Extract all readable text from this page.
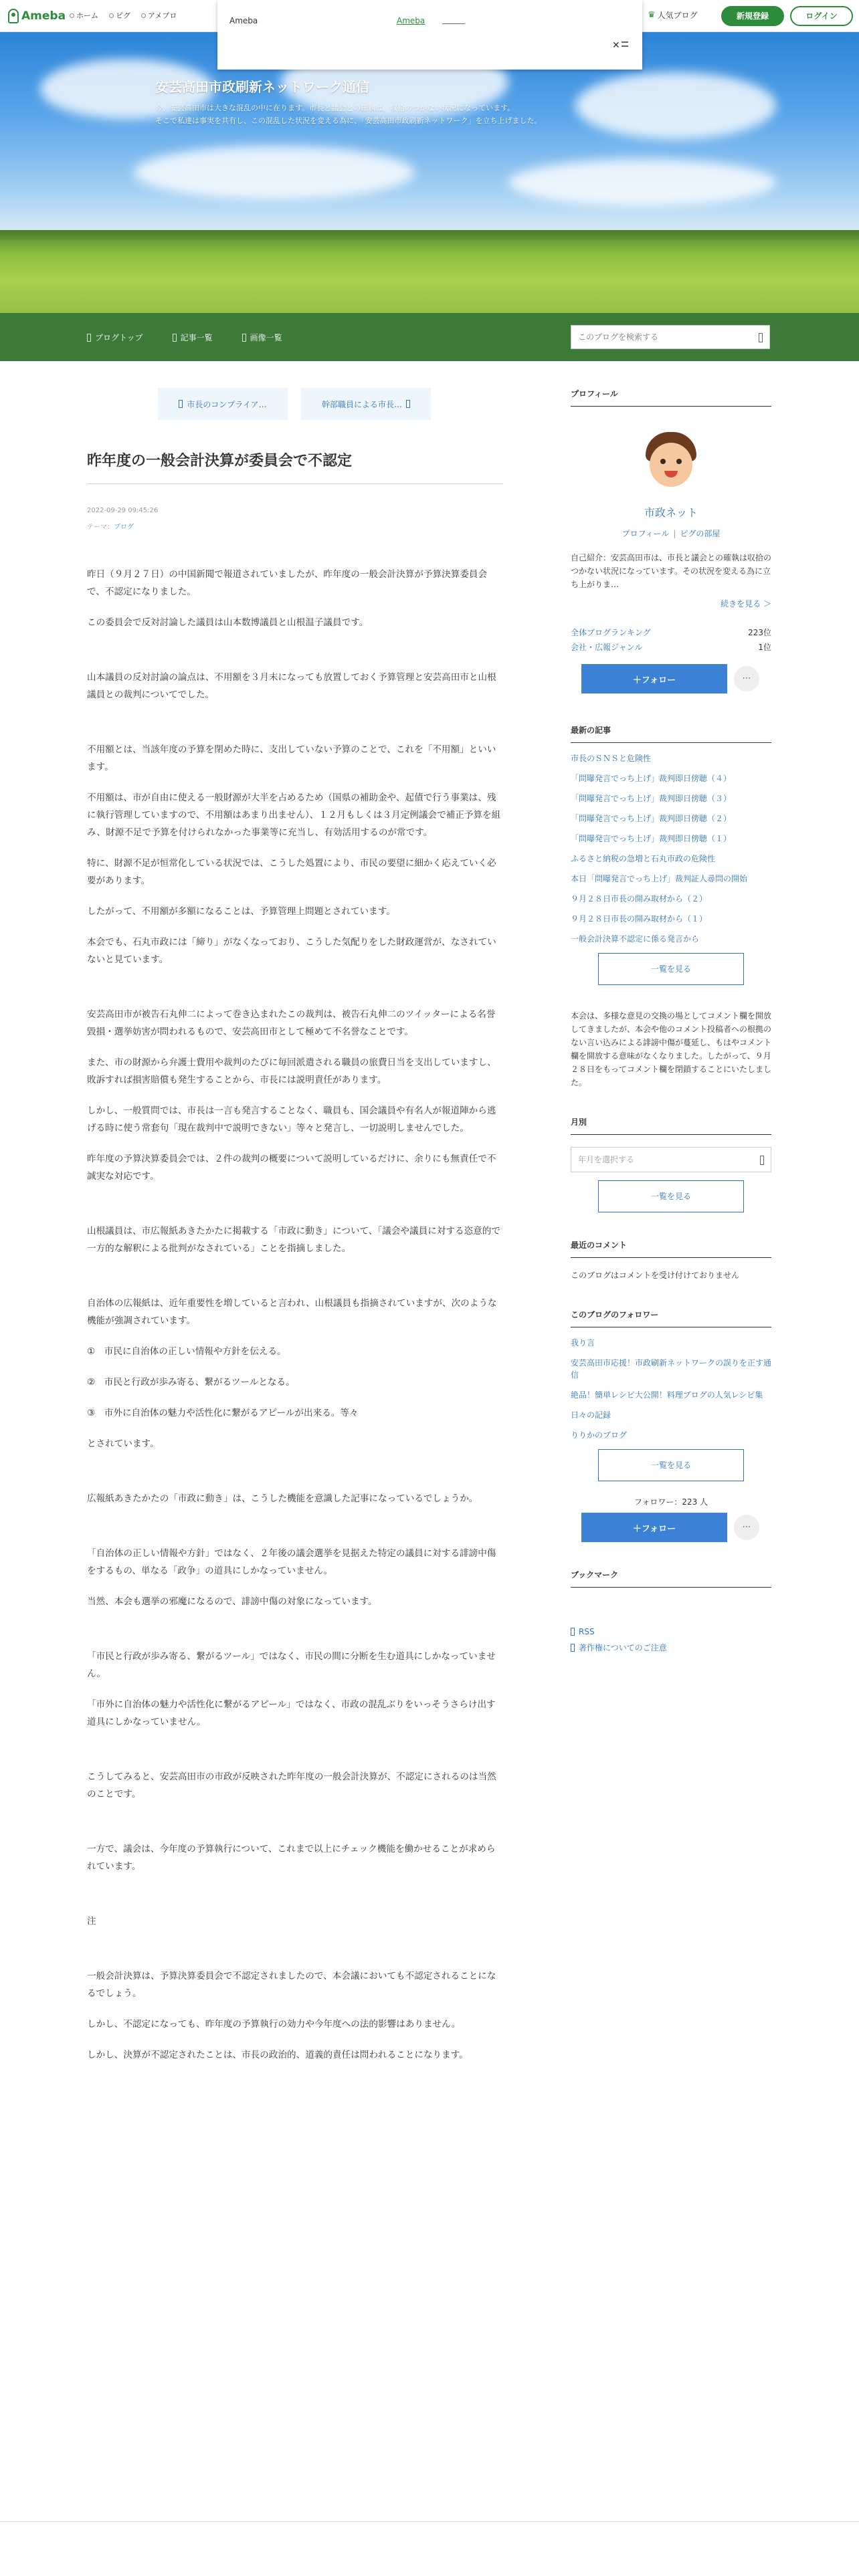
Ameba ホーム ピグ アメプロ	♛ 人気ブログ	新規登録	ログイン
Ameba	Ameba
✕
安芸高田市政刷新ネットワーク通信
今、安芸高田市は大きな混乱の中に在ります。市長と議会との確執は、収拾のつかない状況になっています。
そこで私達は事実を共有し、この混乱した状況を変える為に、「安芸高田市政刷新ネットワーク」を立ち上げました。
ブログトップ	記事一覧	画像一覧
このブログを検索する
市長のコンプライア…	幹部職員による市長…
昨年度の一般会計決算が委員会で不認定
2022-09-29 09:45:26
テーマ：ブログ

昨日（９月２７日）の中国新聞で報道されていましたが、昨年度の一般会計決算が予算決算委員会で、不認定になりました。

この委員会で反対討論した議員は山本数博議員と山根温子議員です。

山本議員の反対討論の論点は、不用額を３月末になっても放置しておく予算管理と安芸高田市と山根議員との裁判についてでした。

不用額とは、当該年度の予算を閉めた時に、支出していない予算のことで、これを「不用額」といいます。

不用額は、市が自由に使える一般財源が大半を占めるため（国県の補助金や、起債で行う事業は、残に執行管理していますので、不用額はあまり出ません）、１２月もしくは３月定例議会で補正予算を組み、財源不足で予算を付けられなかった事業等に充当し、有効活用するのが常です。

特に、財源不足が恒常化している状況では、こうした処置により、市民の要望に細かく応えていく必要があります。

したがって、不用額が多額になることは、予算管理上問題とされています。

本会でも、石丸市政には「締り」がなくなっており、こうした気配りをした財政運営が、なされていないと見ています。

安芸高田市が被告石丸伸二によって巻き込まれたこの裁判は、被告石丸伸二のツイッターによる名誉毀損・選挙妨害が問われるもので、安芸高田市として極めて不名誉なことです。

また、市の財源から弁護士費用や裁判のたびに毎回派遣される職員の旅費日当を支出していますし、敗訴すれば損害賠償も発生することから、市長には説明責任があります。

しかし、一般質問では、市長は一言も発言することなく、職員も、国会議員や有名人が報道陣から逃げる時に使う常套句「現在裁判中で説明できない」等々と発言し、一切説明しませんでした。

昨年度の予算決算委員会では、２件の裁判の概要について説明しているだけに、余りにも無責任で不誠実な対応です。

山根議員は、市広報紙あきたかたに掲載する「市政に動き」について、「議会や議員に対する恣意的で一方的な解釈による批判がなされている」ことを指摘しました。

自治体の広報紙は、近年重要性を増していると言われ、山根議員も指摘されていますが、次のような機能が強調されています。

①　市民に自治体の正しい情報や方針を伝える。

②　市民と行政が歩み寄る、繋がるツールとなる。

③　市外に自治体の魅力や活性化に繋がるアピールが出来る。等々

とされています。

広報紙あきたかたの「市政に動き」は、こうした機能を意識した記事になっているでしょうか。

「自治体の正しい情報や方針」ではなく、２年後の議会選挙を見据えた特定の議員に対する誹謗中傷をするもの、単なる「政争」の道具にしかなっていません。

当然、本会も選挙の邪魔になるので、誹謗中傷の対象になっています。

「市民と行政が歩み寄る、繋がるツール」ではなく、市民の間に分断を生む道具にしかなっていません。

「市外に自治体の魅力や活性化に繋がるアピール」ではなく、市政の混乱ぶりをいっそうさらけ出す道具にしかなっていません。

こうしてみると、安芸高田市の市政が反映された昨年度の一般会計決算が、不認定にされるのは当然のことです。

一方で、議会は、今年度の予算執行について、これまで以上にチェック機能を働かせることが求められています。

注

一般会計決算は、予算決算委員会で不認定されましたので、本会議においても不認定されることになるでしょう。

しかし、不認定になっても、昨年度の予算執行の効力や今年度への法的影響はありません。

しかし、決算が不認定されたことは、市長の政治的、道義的責任は問われることになります。

プロフィール
市政ネット
プロフィール | ピグの部屋
自己紹介：安芸高田市は、市長と議会との確執は収拾のつかない状況になっています。その状況を変える為に立ち上がりま…
続きを見る ＞
全体ブログランキング	223位
会社・広報ジャンル	1位
＋フォロー	⋯
最新の記事
市長のＳＮＳと危険性
「問曝発言でっち上げ」裁判即日傍聴（４）
「問曝発言でっち上げ」裁判即日傍聴（３）
「問曝発言でっち上げ」裁判即日傍聴（２）
「問曝発言でっち上げ」裁判即日傍聴（１）
ふるさと納税の急増と石丸市政の危険性
本日「問曝発言でっち上げ」裁判証人尋問の開始
９月２８日市長の開み取材から（２）
９月２８日市長の開み取材から（１）
一般会計決算不認定に係る発言から
一覧を見る
本会は、多様な意見の交換の場としてコメント欄を開放してきましたが、本会や他のコメント投稿者への根拠のない言い込みによる誹謗中傷が蔓延し、もはやコメント欄を開放する意味がなくなりました。したがって、９月２８日をもってコメント欄を閉鎖することにいたしました。
月別
年月を選択する
一覧を見る
最近のコメント
このブログはコメントを受け付けておりません
このブログのフォロワー
我り言
安芸高田市応援！市政刷新ネットワークの誤りを正す通信
絶品！簡単レシピ大公開！料理ブログの人気レシピ集
日々の記録
りりかのブログ
一覧を見る
フォロワー：223 人
＋フォロー	⋯
ブックマーク
RSS
著作権についてのご注意
